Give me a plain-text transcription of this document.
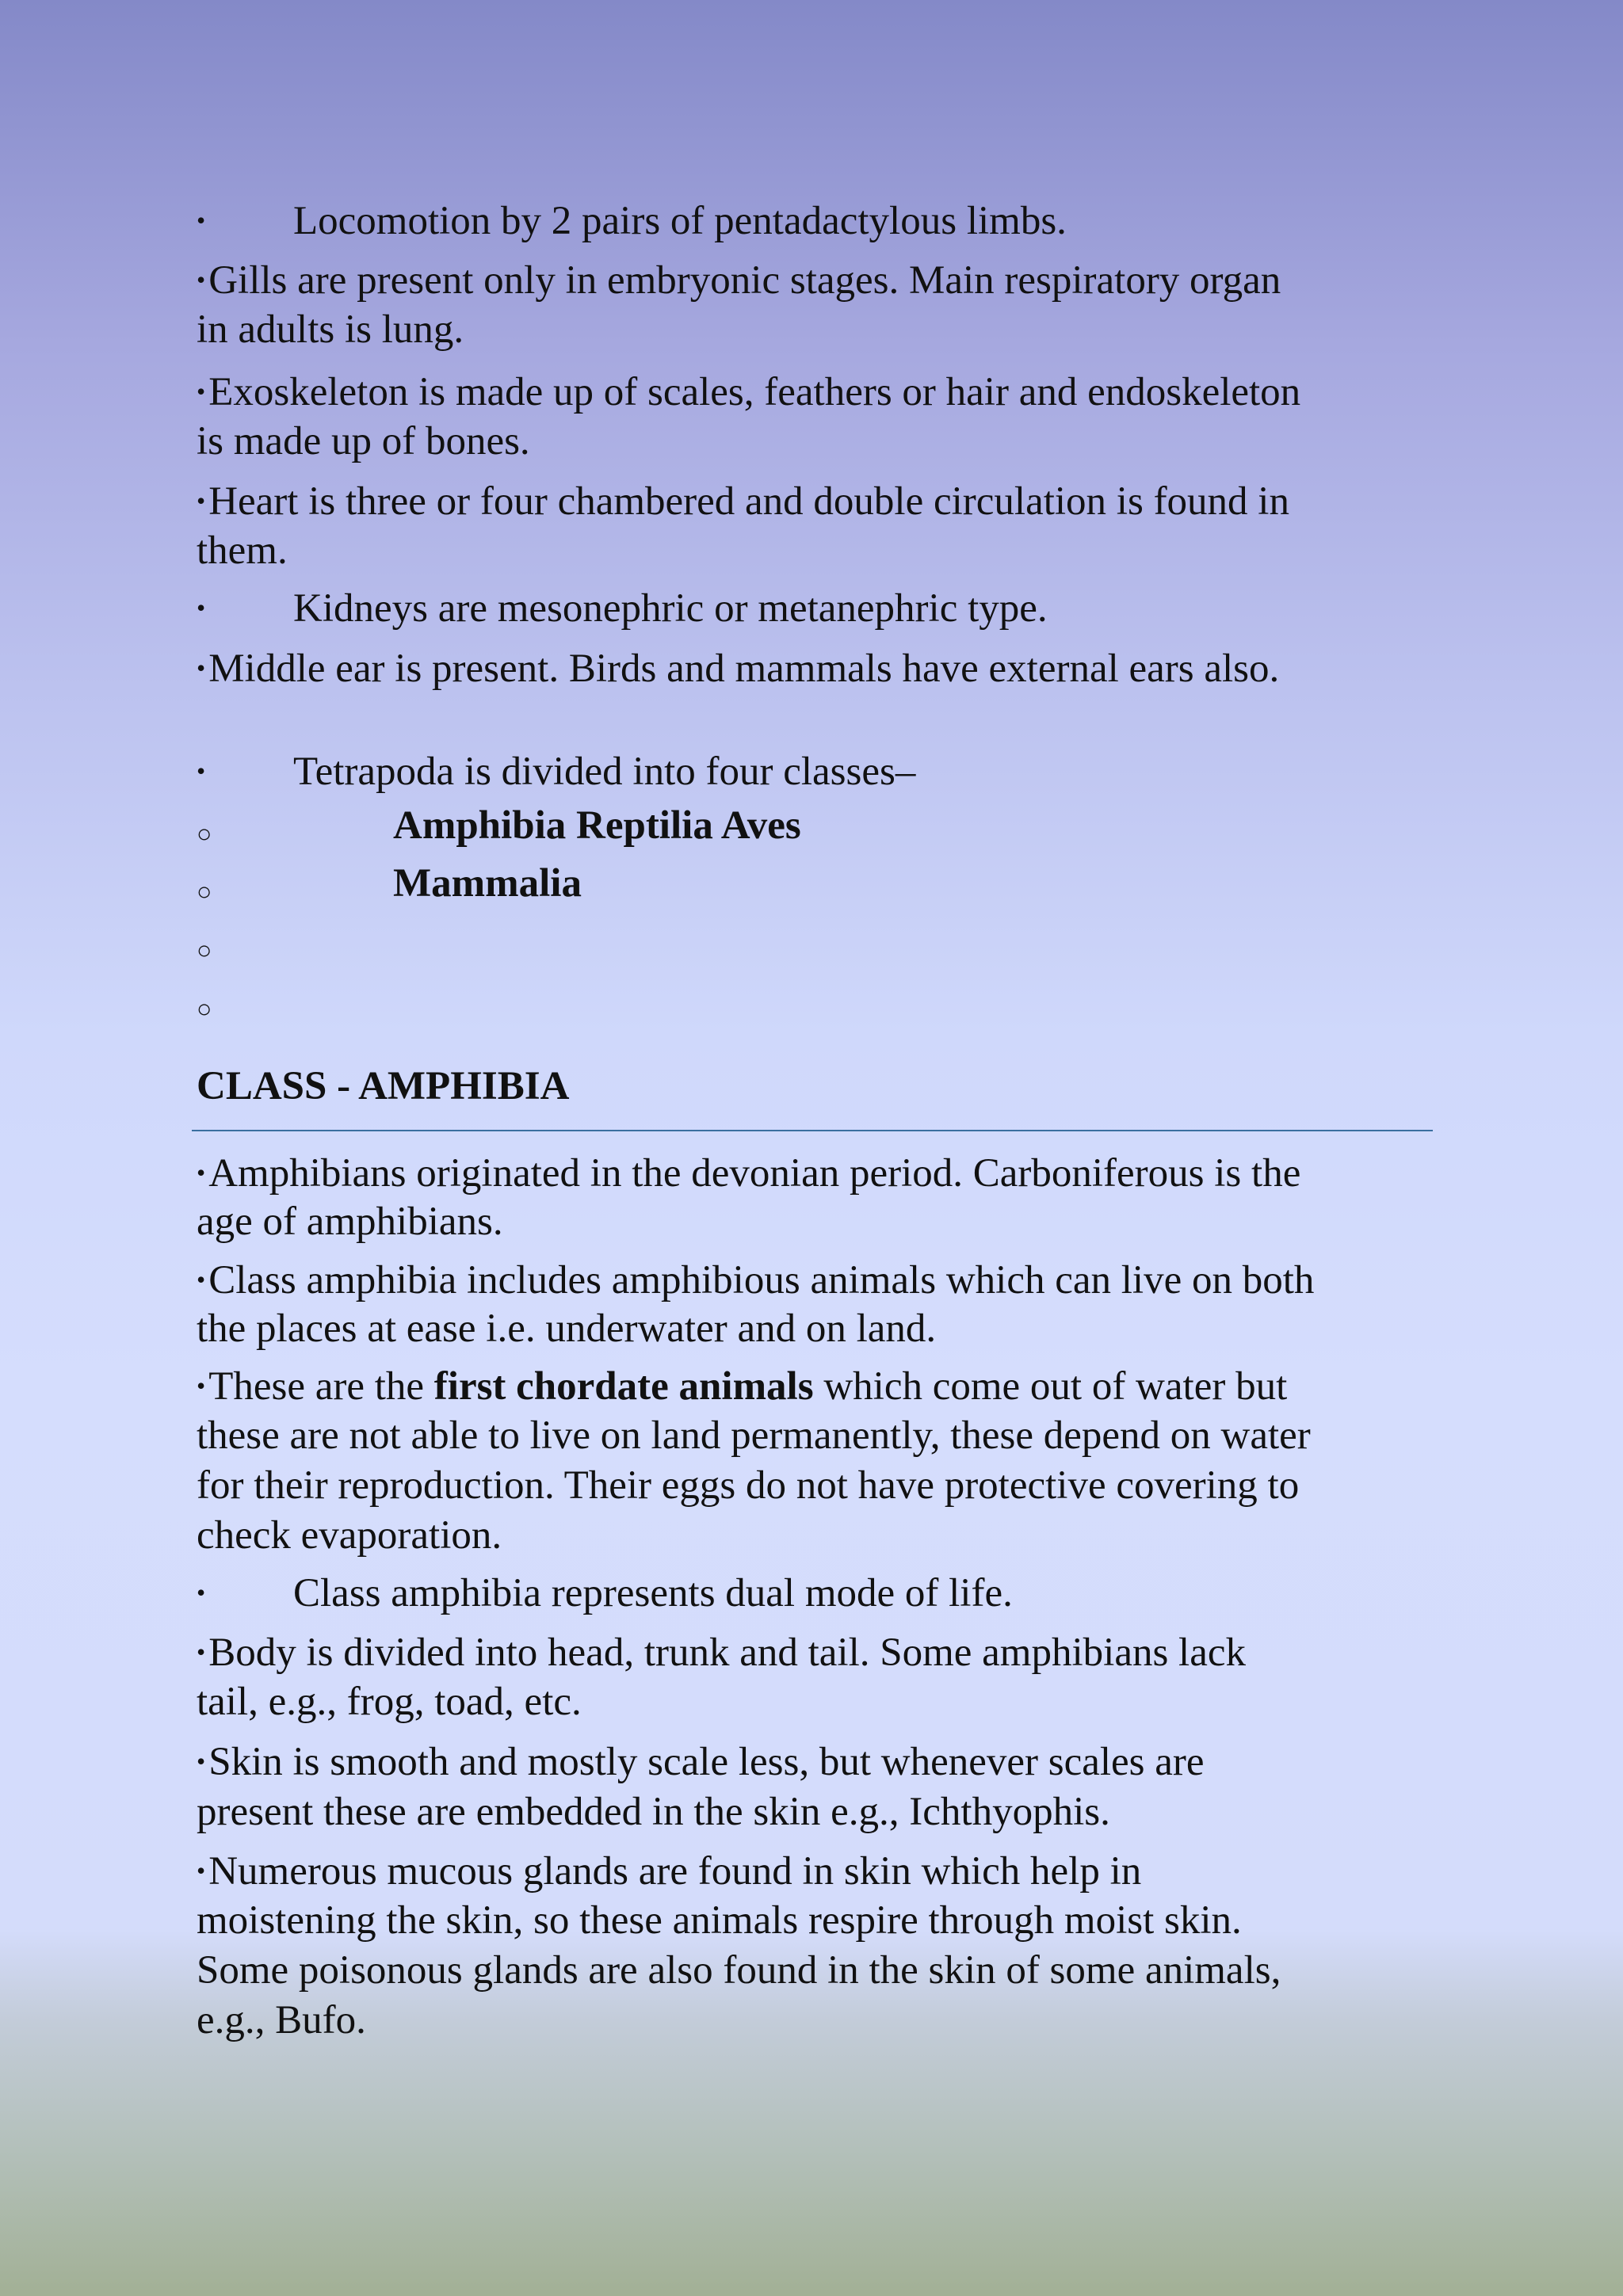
• Locomotion by 2 pairs of pentadactylous limbs.

•Gills are present only in embryonic stages. Main respiratory organ

in adults is lung.

•Exoskeleton is made up of scales, feathers or hair and endoskeleton

is made up of bones.

•Heart is three or four chambered and double circulation is found in

them.

• Kidneys are mesonephric or metanephric type.

•Middle ear is present. Birds and mammals have external ears also.

• Tetrapoda is divided into four classes–

○	Amphibia Reptilia Aves

○	Mammalia

○

○

CLASS - AMPHIBIA

•Amphibians originated in the devonian period. Carboniferous is the

age of amphibians.

•Class amphibia includes amphibious animals which can live on both

the places at ease i.e. underwater and on land.

•These are the first chordate animals which come out of water but

these are not able to live on land permanently, these depend on water

for their reproduction. Their eggs do not have protective covering to

check evaporation.

• Class amphibia represents dual mode of life.

•Body is divided into head, trunk and tail. Some amphibians lack

tail, e.g., frog, toad, etc.

•Skin is smooth and mostly scale less, but whenever scales are

present these are embedded in the skin e.g., Ichthyophis.

•Numerous mucous glands are found in skin which help in

moistening the skin, so these animals respire through moist skin.

Some poisonous glands are also found in the skin of some animals,

e.g., Bufo.
